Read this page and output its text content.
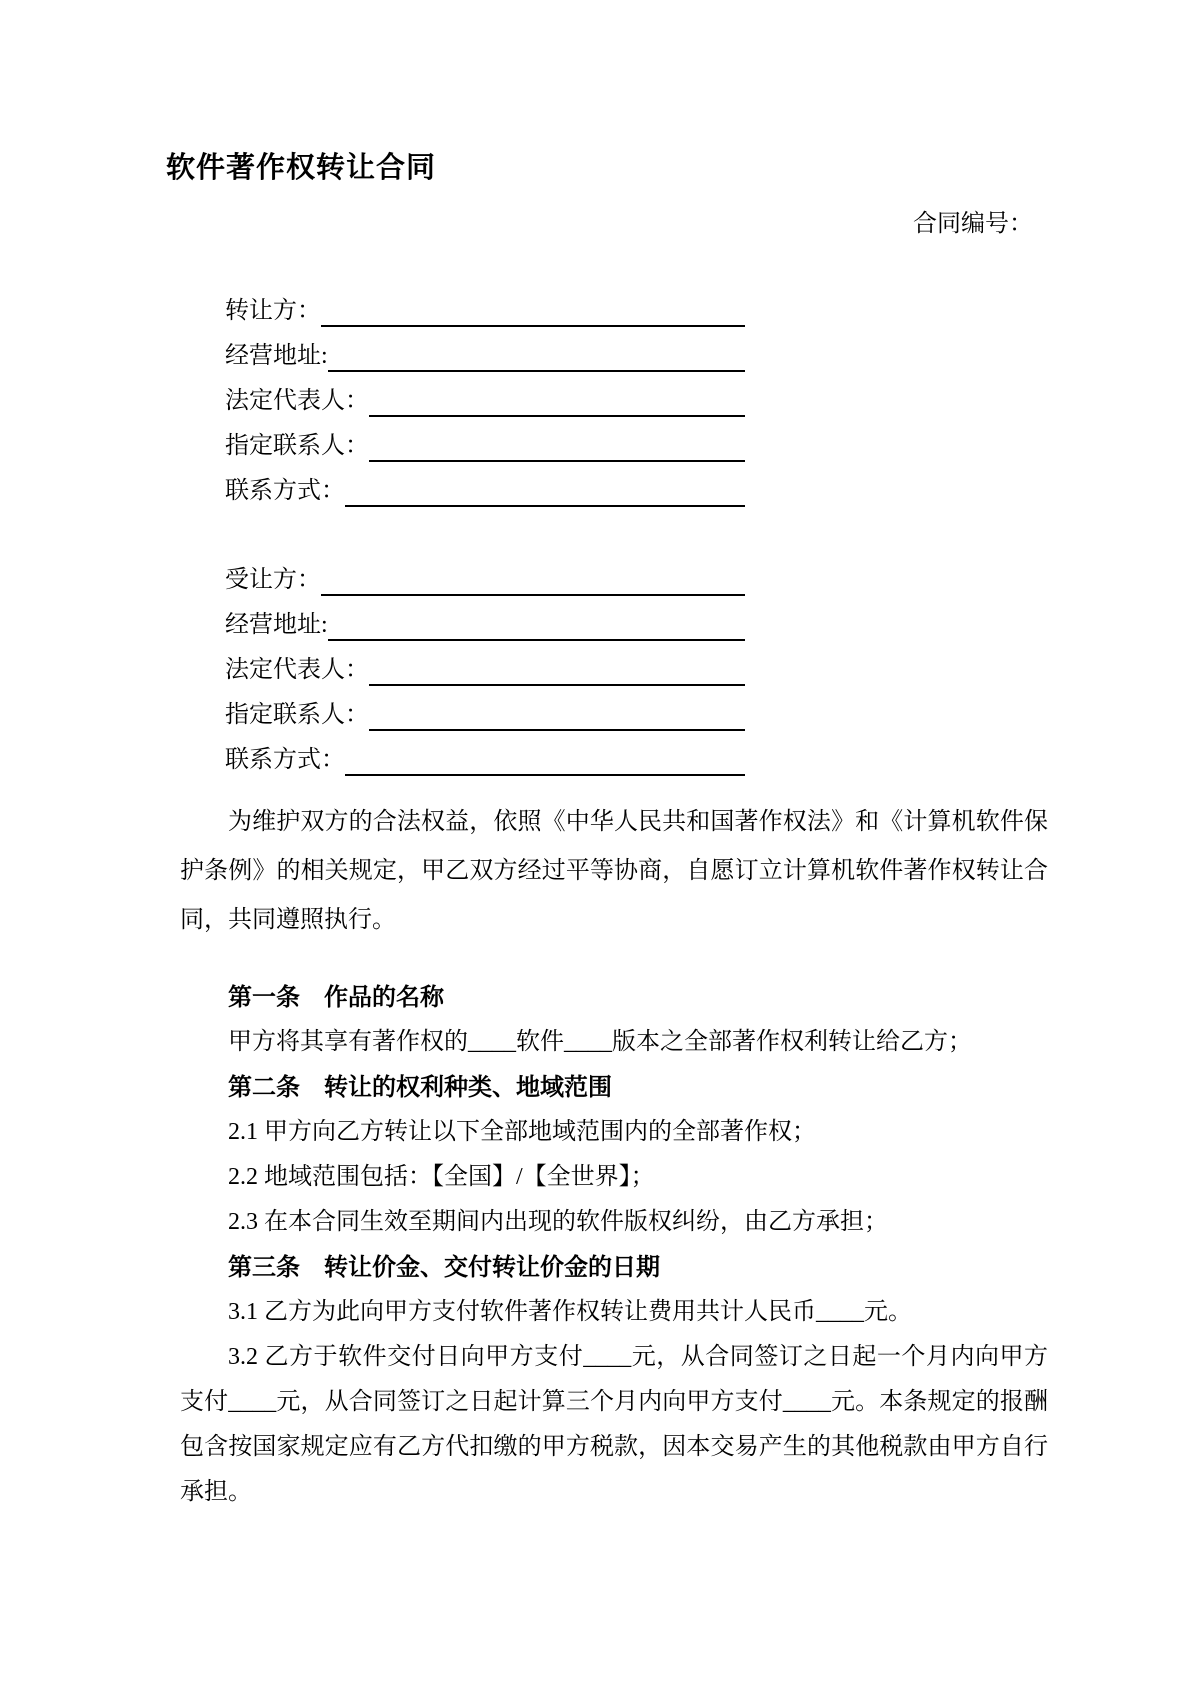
软件著作权转让合同
合同编号：
转让方：
经营地址:
法定代表人：
指定联系人：
联系方式：
受让方：
经营地址:
法定代表人：
指定联系人：
联系方式：

为维护双方的合法权益，依照《中华人民共和国著作权法》和《计算机软件保护条例》的相关规定，甲乙双方经过平等协商，自愿订立计算机软件著作权转让合同，共同遵照执行。

第一条　作品的名称

甲方将其享有著作权的____软件____版本之全部著作权利转让给乙方；

第二条　转让的权利种类、地域范围

2.1 甲方向乙方转让以下全部地域范围内的全部著作权；

2.2 地域范围包括：【全国】/【全世界】；

2.3 在本合同生效至期间内出现的软件版权纠纷，由乙方承担；

第三条　转让价金、交付转让价金的日期

3.1 乙方为此向甲方支付软件著作权转让费用共计人民币____元。

3.2 乙方于软件交付日向甲方支付____元，从合同签订之日起一个月内向甲方支付____元，从合同签订之日起计算三个月内向甲方支付____元。本条规定的报酬包含按国家规定应有乙方代扣缴的甲方税款，因本交易产生的其他税款由甲方自行承担。
